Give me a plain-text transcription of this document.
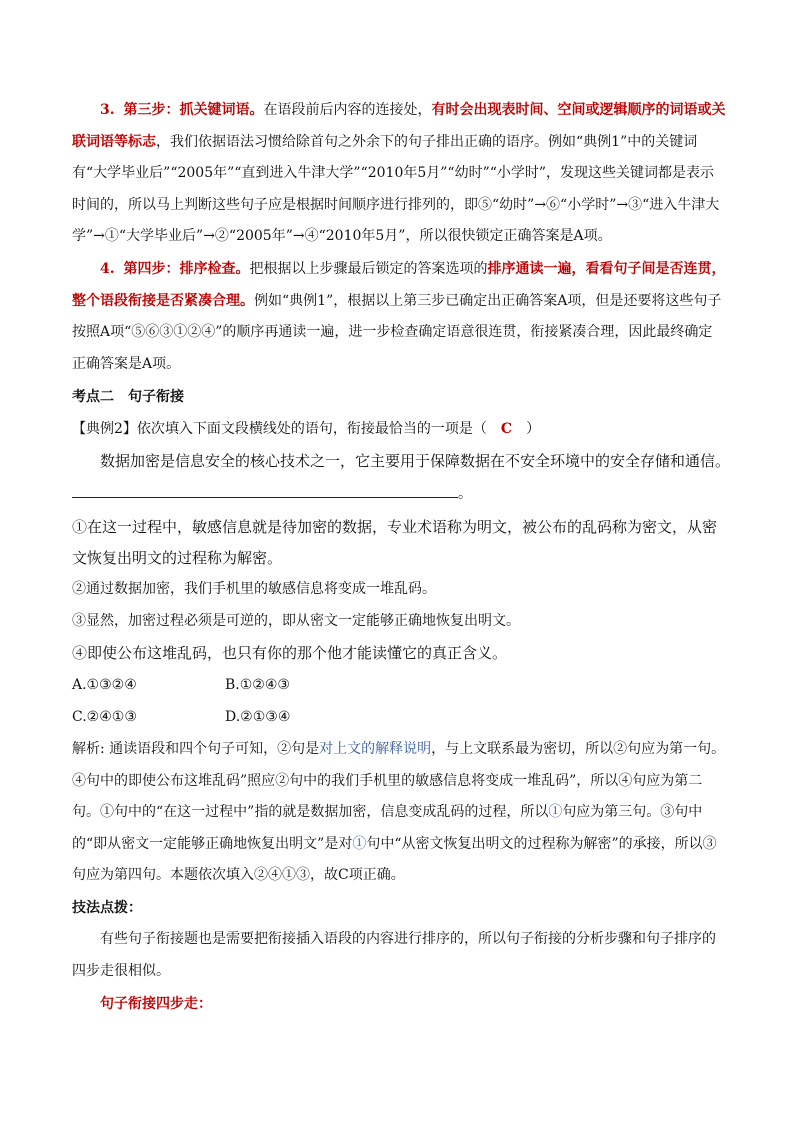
3. 第三步：抓关键词语。在语段前后内容的连接处，有时会出现表时间、空间或逻辑顺序的词语或关联词语等标志，我们依据语法习惯给除首句之外余下的句子排出正确的语序。例如“典例1”中的关键词有“大学毕业后”“2005年”“直到进入牛津大学”“2010年5月”“幼时”“小学时”，发现这些关键词都是表示时间的，所以马上判断这些句子应是根据时间顺序进行排列的，即⑤“幼时”→⑥“小学时”→③“进入牛津大学”→①“大学毕业后”→②“2005年”→④“2010年5月”，所以很快锁定正确答案是A项。

4. 第四步：排序检查。把根据以上步骤最后锁定的答案选项的排序通读一遍，看看句子间是否连贯，整个语段衔接是否紧凑合理。例如“典例1”，根据以上第三步已确定出正确答案A项，但是还要将这些句子按照A项“⑤⑥③①②④”的顺序再通读一遍，进一步检查确定语意很连贯，衔接紧凑合理，因此最终确定正确答案是A项。

考点二　句子衔接
【典例2】依次填入下面文段横线处的语句，衔接最恰当的一项是（　C　）
数据加密是信息安全的核心技术之一，它主要用于保障数据在不安全环境中的安全存储和通信。
。

①在这一过程中，敏感信息就是待加密的数据，专业术语称为明文，被公布的乱码称为密文，从密文恢复出明文的过程称为解密。

②通过数据加密，我们手机里的敏感信息将变成一堆乱码。
③显然，加密过程必须是可逆的，即从密文一定能够正确地恢复出明文。
④即使公布这堆乱码，也只有你的那个他才能读懂它的真正含义。
A.①③②④	B.①②④③
C.②④①③	D.②①③④

解析: 通读语段和四个句子可知，②句是对上文的解释说明，与上文联系最为密切，所以②句应为第一句。④句中的即使公布这堆乱码”照应②句中的我们手机里的敏感信息将变成一堆乱码”，所以④句应为第二句。①句中的“在这一过程中”指的就是数据加密，信息变成乱码的过程，所以①句应为第三句。③句中的“即从密文一定能够正确地恢复出明文”是对①句中“从密文恢复出明文的过程称为解密”的承接，所以③句应为第四句。本题依次填入②④①③，故C项正确。

技法点拨：

有些句子衔接题也是需要把衔接插入语段的内容进行排序的，所以句子衔接的分析步骤和句子排序的四步走很相似。

句子衔接四步走：
